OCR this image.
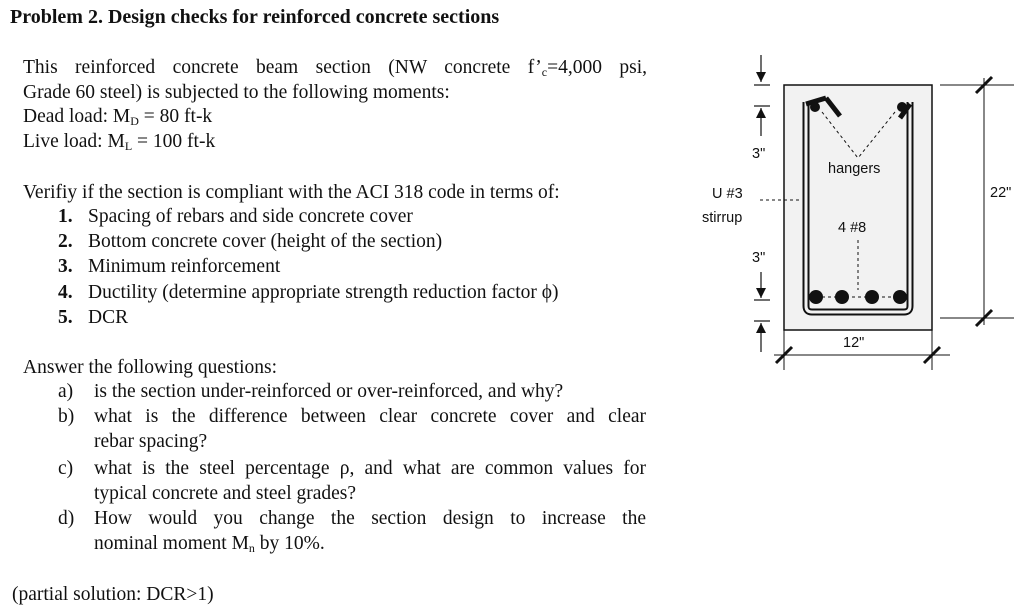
Problem 2. Design checks for reinforced concrete sections
This reinforced concrete beam section (NW concrete $f’_c=4,000$ psi,
Grade 60 steel) is subjected to the following moments:
Dead load: $M_D = 80$ ft-k
Live load: $M_L = 100$ ft-k
Verifiy if the section is compliant with the ACI 318 code in terms of:
1. Spacing of rebars and side concrete cover
2. Bottom concrete cover (height of the section)
3. Minimum reinforcement
4. Ductility (determine appropriate strength reduction factor ϕ)
5. DCR
Answer the following questions:
a) is the section under-reinforced or over-reinforced, and why?
b) what is the difference between clear concrete cover and clear
rebar spacing?
c) what is the steel percentage ρ, and what are common values for
typical concrete and steel grades?
d) How would you change the section design to increase the
nominal moment $M_n$ by 10%.
(partial solution: DCR>1)
3"
3"
U #3
stirrup
hangers
4 #8
22"
12"
